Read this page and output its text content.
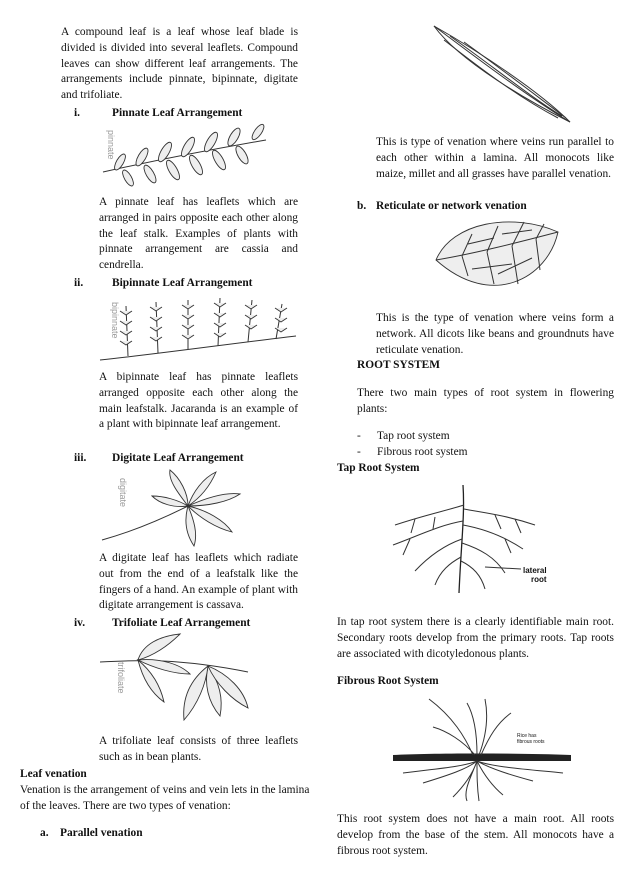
A compound leaf is a leaf whose leaf blade is divided is divided into several leaflets. Compound leaves can show different leaf arrangements. The arrangements include pinnate, bipinnate, digitate and trifoliate.
i.	Pinnate Leaf Arrangement
pinnate
A pinnate leaf has leaflets which are arranged in pairs opposite each other along the leaf stalk. Examples of plants with pinnate arrangement are cassia and cendrella.
ii.	Bipinnate Leaf Arrangement
bipinnate
A bipinnate leaf has pinnate leaflets arranged opposite each other along the main leafstalk. Jacaranda is an example of a plant with bipinnate leaf arrangement.
iii. Digitate Leaf Arrangement
digitate
A digitate leaf has leaflets which radiate out from the end of a leafstalk like the fingers of a hand. An example of plant with digitate arrangement is cassava.
iv. Trifoliate Leaf Arrangement
trifoliate
A trifoliate leaf consists of three leaflets such as in bean plants.
Leaf venation
Venation is the arrangement of veins and vein lets in the lamina of the leaves. There are two types of venation:
a. Parallel venation
This is type of venation where veins run parallel to each other within a lamina. All monocots like maize, millet and all grasses have parallel venation.
b. Reticulate or network venation
This is the type of venation where veins form a network. All dicots like beans and groundnuts have reticulate venation.
ROOT SYSTEM
There two main types of root system in flowering plants:
-	Tap root system
-	Fibrous root system
Tap Root System
lateral
root
In tap root system there is a clearly identifiable main root. Secondary roots develop from the primary roots. Tap roots are associated with dicotyledonous plants.
Fibrous Root System
Rice has
fibrous roots
This root system does not have a main root. All roots develop from the base of the stem. All monocots have a fibrous root system.
